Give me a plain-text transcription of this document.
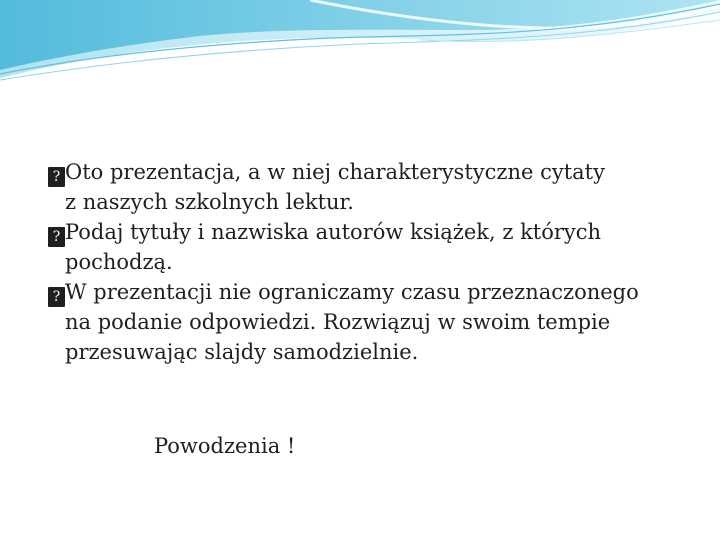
? Oto prezentacja, a w niej charakterystyczne cytaty
z naszych szkolnych lektur.
? Podaj tytuły i nazwiska autorów książek, z których
pochodzą.
? W prezentacji nie ograniczamy czasu przeznaczonego
na podanie odpowiedzi. Rozwiązuj w swoim tempie
przesuwając slajdy samodzielnie.
Powodzenia !
